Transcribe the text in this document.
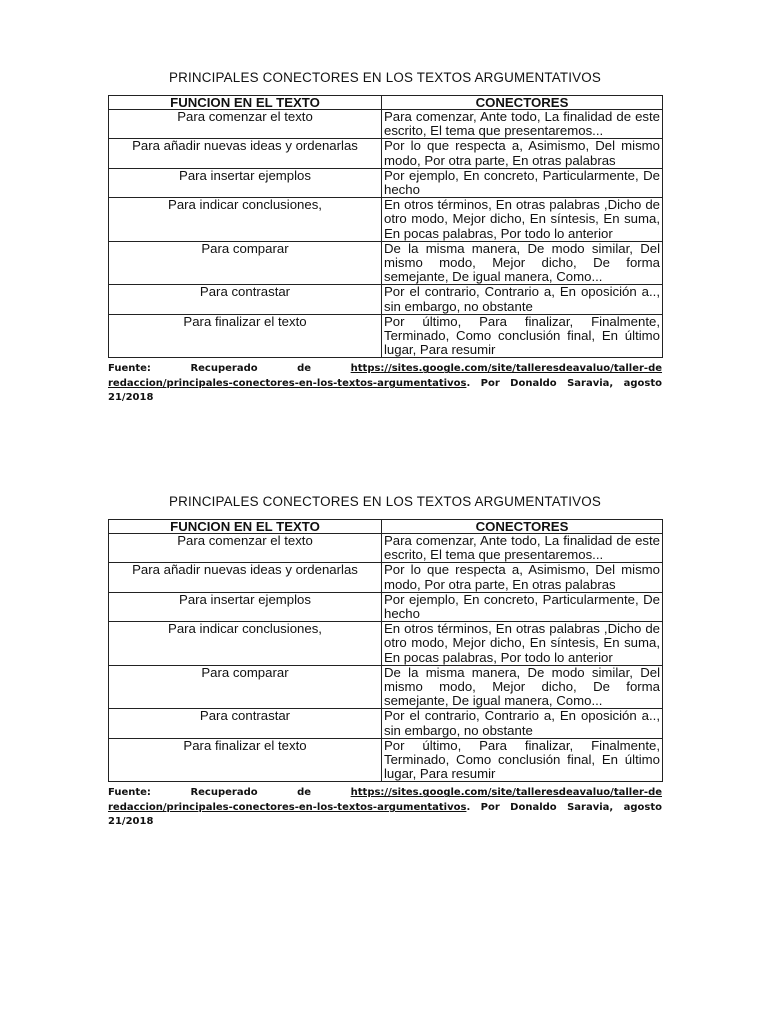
PRINCIPALES CONECTORES EN LOS TEXTOS ARGUMENTATIVOS
FUNCION EN EL TEXTO	CONECTORES
Para comenzar el texto	Para comenzar, Ante todo, La finalidad de este escrito, El tema que presentaremos...
Para añadir nuevas ideas y ordenarlas	Por lo que respecta a, Asimismo, Del mismo modo, Por otra parte, En otras palabras
Para insertar ejemplos	Por ejemplo, En concreto, Particularmente, De hecho
Para indicar conclusiones,	En otros términos, En otras palabras ,Dicho de otro modo, Mejor dicho, En síntesis, En suma, En pocas palabras, Por todo lo anterior
Para comparar	De la misma manera, De modo similar, Del mismo modo, Mejor dicho, De forma semejante, De igual manera, Como...
Para contrastar	Por el contrario, Contrario a, En oposición a.., sin embargo, no obstante
Para finalizar el texto	Por último, Para finalizar, Finalmente, Terminado, Como conclusión final, En último lugar, Para resumir
Fuente:	Recuperado de	https://sites.google.com/site/talleresdeavaluo/taller-de redaccion/principales-conectores-en-los-textos-argumentativos. Por Donaldo Saravia, agosto 21/2018
PRINCIPALES CONECTORES EN LOS TEXTOS ARGUMENTATIVOS
FUNCION EN EL TEXTO	CONECTORES
Para comenzar el texto	Para comenzar, Ante todo, La finalidad de este escrito, El tema que presentaremos...
Para añadir nuevas ideas y ordenarlas	Por lo que respecta a, Asimismo, Del mismo modo, Por otra parte, En otras palabras
Para insertar ejemplos	Por ejemplo, En concreto, Particularmente, De hecho
Para indicar conclusiones,	En otros términos, En otras palabras ,Dicho de otro modo, Mejor dicho, En síntesis, En suma, En pocas palabras, Por todo lo anterior
Para comparar	De la misma manera, De modo similar, Del mismo modo, Mejor dicho, De forma semejante, De igual manera, Como...
Para contrastar	Por el contrario, Contrario a, En oposición a.., sin embargo, no obstante
Para finalizar el texto	Por último, Para finalizar, Finalmente, Terminado, Como conclusión final, En último lugar, Para resumir
Fuente:	Recuperado de	https://sites.google.com/site/talleresdeavaluo/taller-de redaccion/principales-conectores-en-los-textos-argumentativos. Por Donaldo Saravia, agosto 21/2018
